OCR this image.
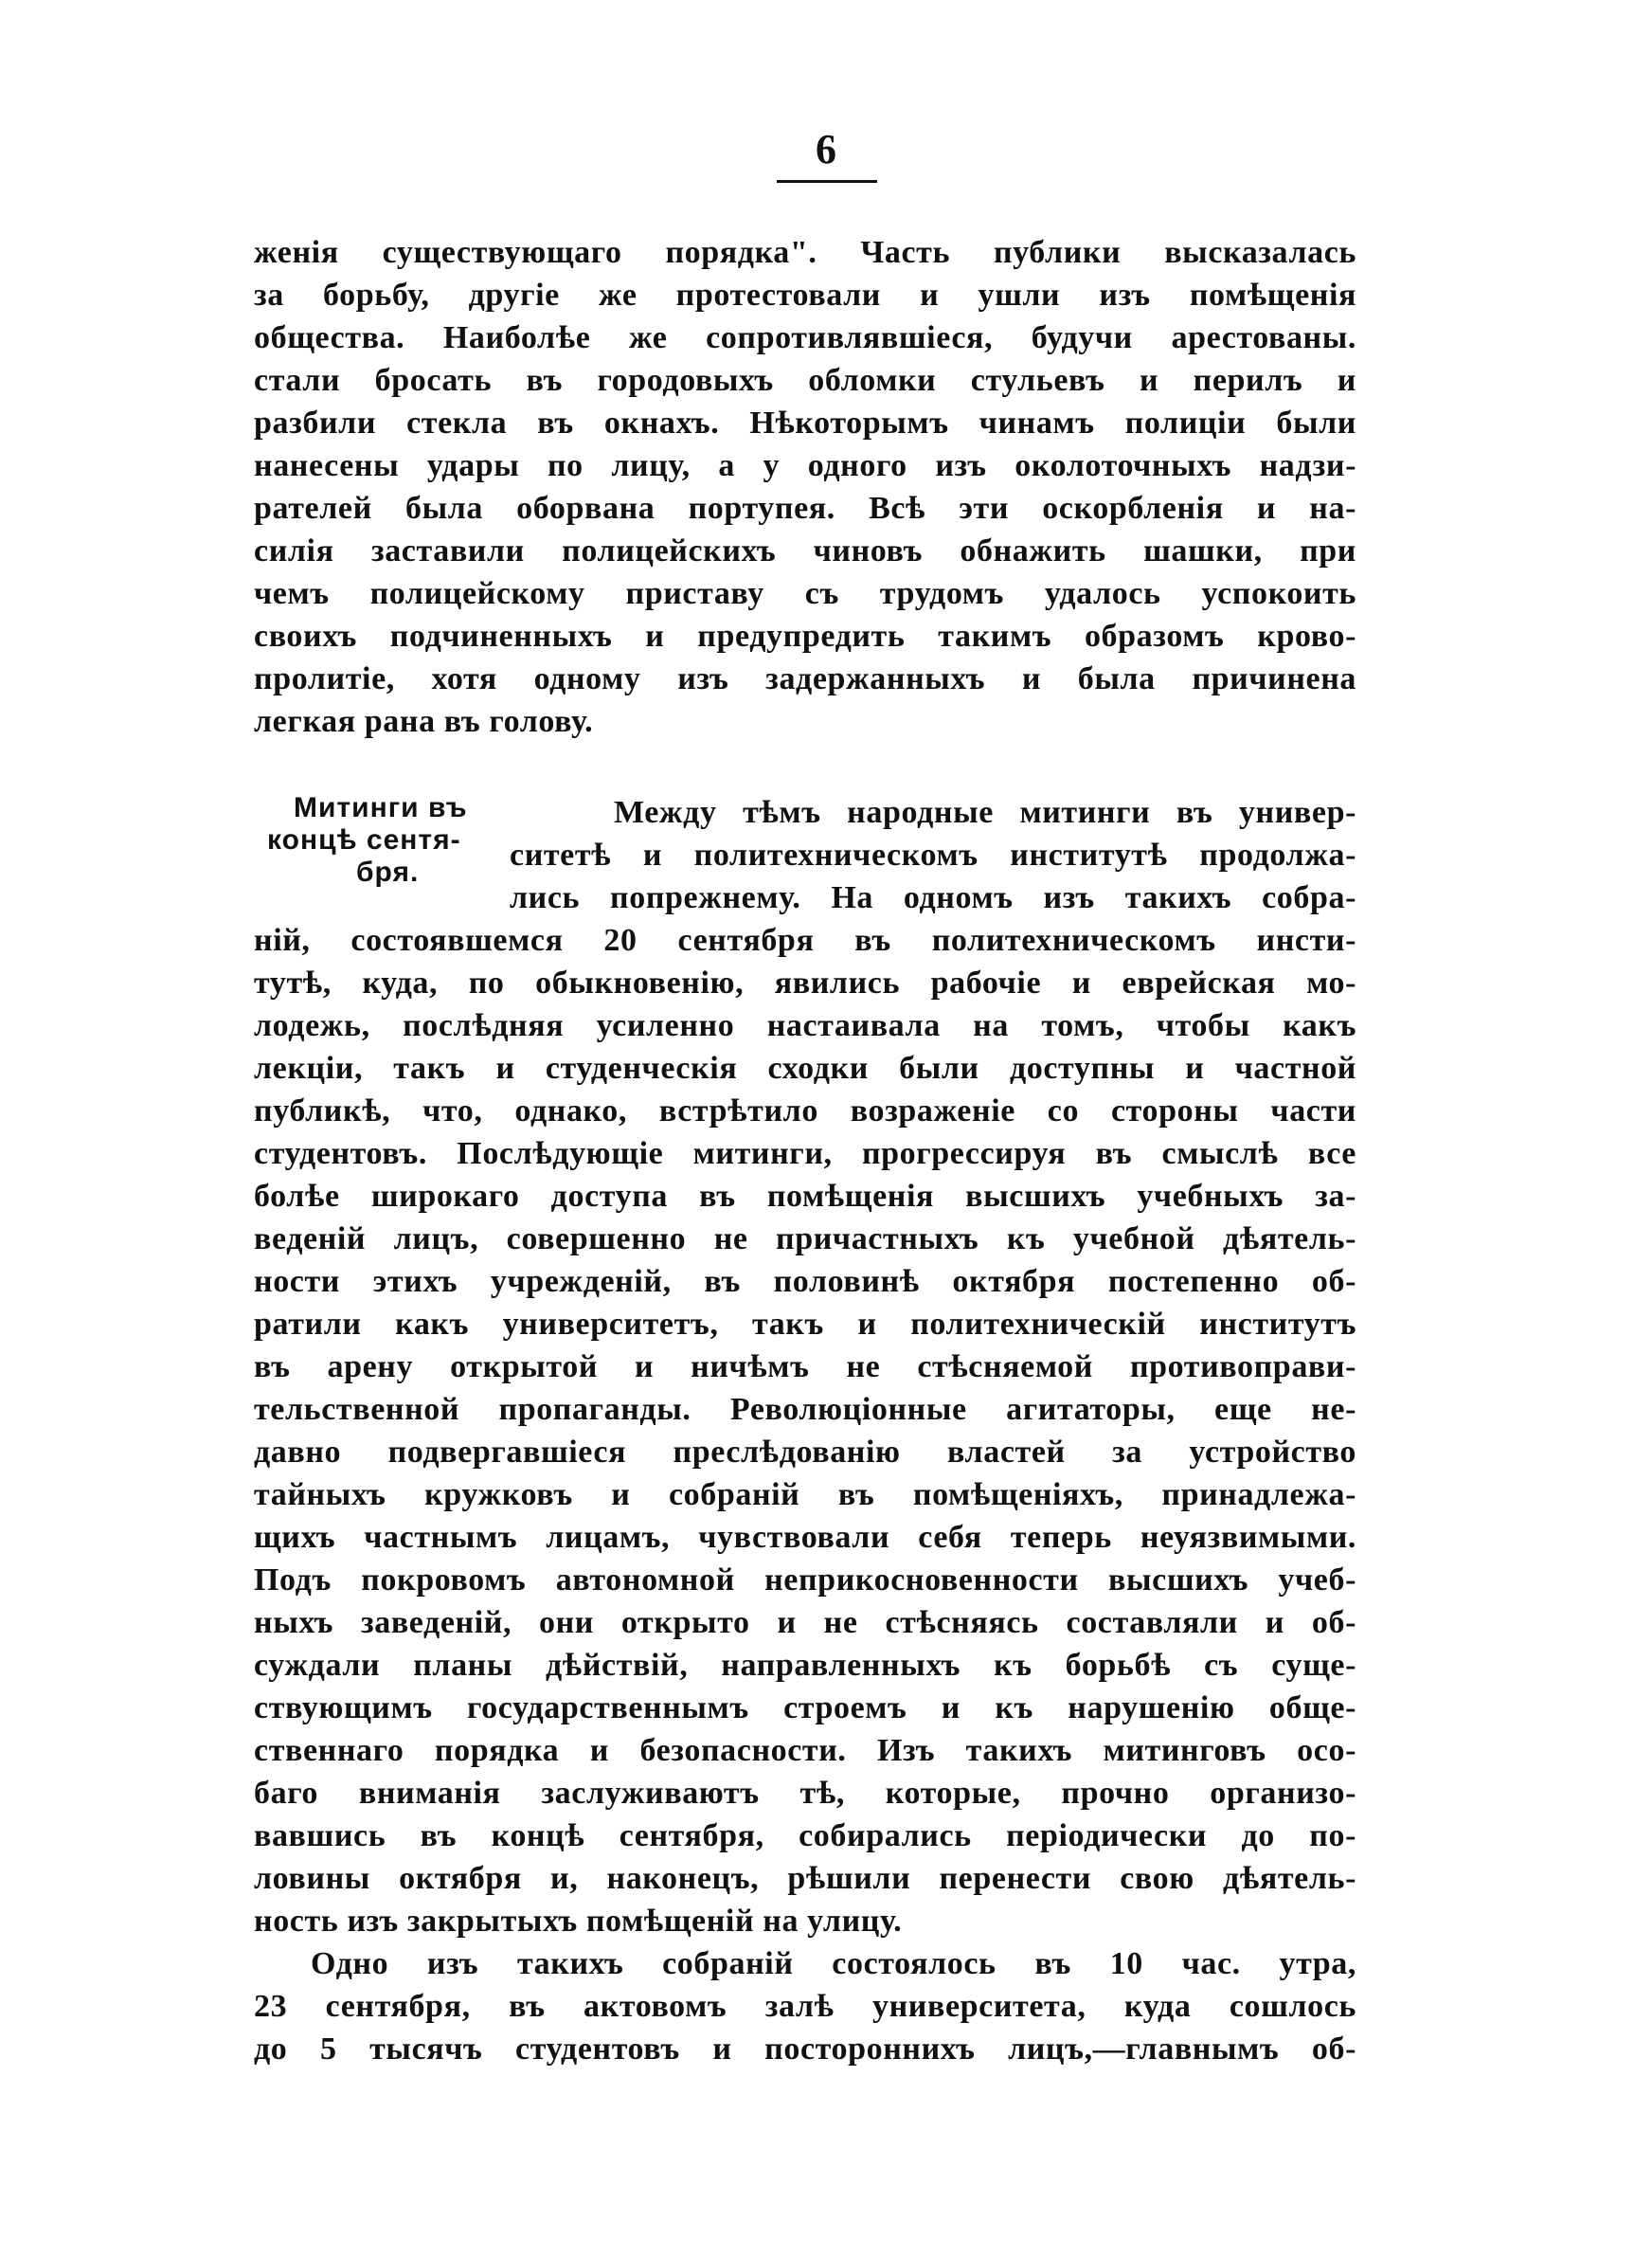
6
женія существующаго порядка". Часть публики высказалась
за борьбу, другіе же протестовали и ушли изъ помѣщенія
общества. Наиболѣе же сопротивлявшіеся, будучи арестованы.
стали бросать въ городовыхъ обломки стульевъ и перилъ и
разбили стекла въ окнахъ. Нѣкоторымъ чинамъ полиціи были
нанесены удары по лицу, а у одного изъ околоточныхъ надзи-
рателей была оборвана портупея. Всѣ эти оскорбленія и на-
силія заставили полицейскихъ чиновъ обнажить шашки, при
чемъ полицейскому приставу съ трудомъ удалось успокоить
своихъ подчиненныхъ и предупредить такимъ образомъ крово-
пролитіе, хотя одному изъ задержанныхъ и была причинена
легкая рана въ голову.
Митинги въ
концѣ сентя-
бря.
Между тѣмъ народные митинги въ универ-
ситетѣ и политехническомъ институтѣ продолжа-
лись попрежнему. На одномъ изъ такихъ собра-
ній, состоявшемся 20 сентября въ политехническомъ инсти-
тутѣ, куда, по обыкновенію, явились рабочіе и еврейская мо-
лодежь, послѣдняя усиленно настаивала на томъ, чтобы какъ
лекціи, такъ и студенческія сходки были доступны и частной
публикѣ, что, однако, встрѣтило возраженіе со стороны части
студентовъ. Послѣдующіе митинги, прогрессируя въ смыслѣ все
болѣе широкаго доступа въ помѣщенія высшихъ учебныхъ за-
веденій лицъ, совершенно не причастныхъ къ учебной дѣятель-
ности этихъ учрежденій, въ половинѣ октября постепенно об-
ратили какъ университетъ, такъ и политехническій институтъ
въ арену открытой и ничѣмъ не стѣсняемой противоправи-
тельственной пропаганды. Революціонные агитаторы, еще не-
давно подвергавшіеся преслѣдованію властей за устройство
тайныхъ кружковъ и собраній въ помѣщеніяхъ, принадлежа-
щихъ частнымъ лицамъ, чувствовали себя теперь неуязвимыми.
Подъ покровомъ автономной неприкосновенности высшихъ учеб-
ныхъ заведеній, они открыто и не стѣсняясь составляли и об-
суждали планы дѣйствій, направленныхъ къ борьбѣ съ суще-
ствующимъ государственнымъ строемъ и къ нарушенію обще-
ственнаго порядка и безопасности. Изъ такихъ митинговъ осо-
баго вниманія заслуживаютъ тѣ, которые, прочно организо-
вавшись въ концѣ сентября, собирались періодически до по-
ловины октября и, наконецъ, рѣшили перенести свою дѣятель-
ность изъ закрытыхъ помѣщеній на улицу.
Одно изъ такихъ собраній состоялось въ 10 час. утра,
23 сентября, въ актовомъ залѣ университета, куда сошлось
до 5 тысячъ студентовъ и постороннихъ лицъ,—главнымъ об-
